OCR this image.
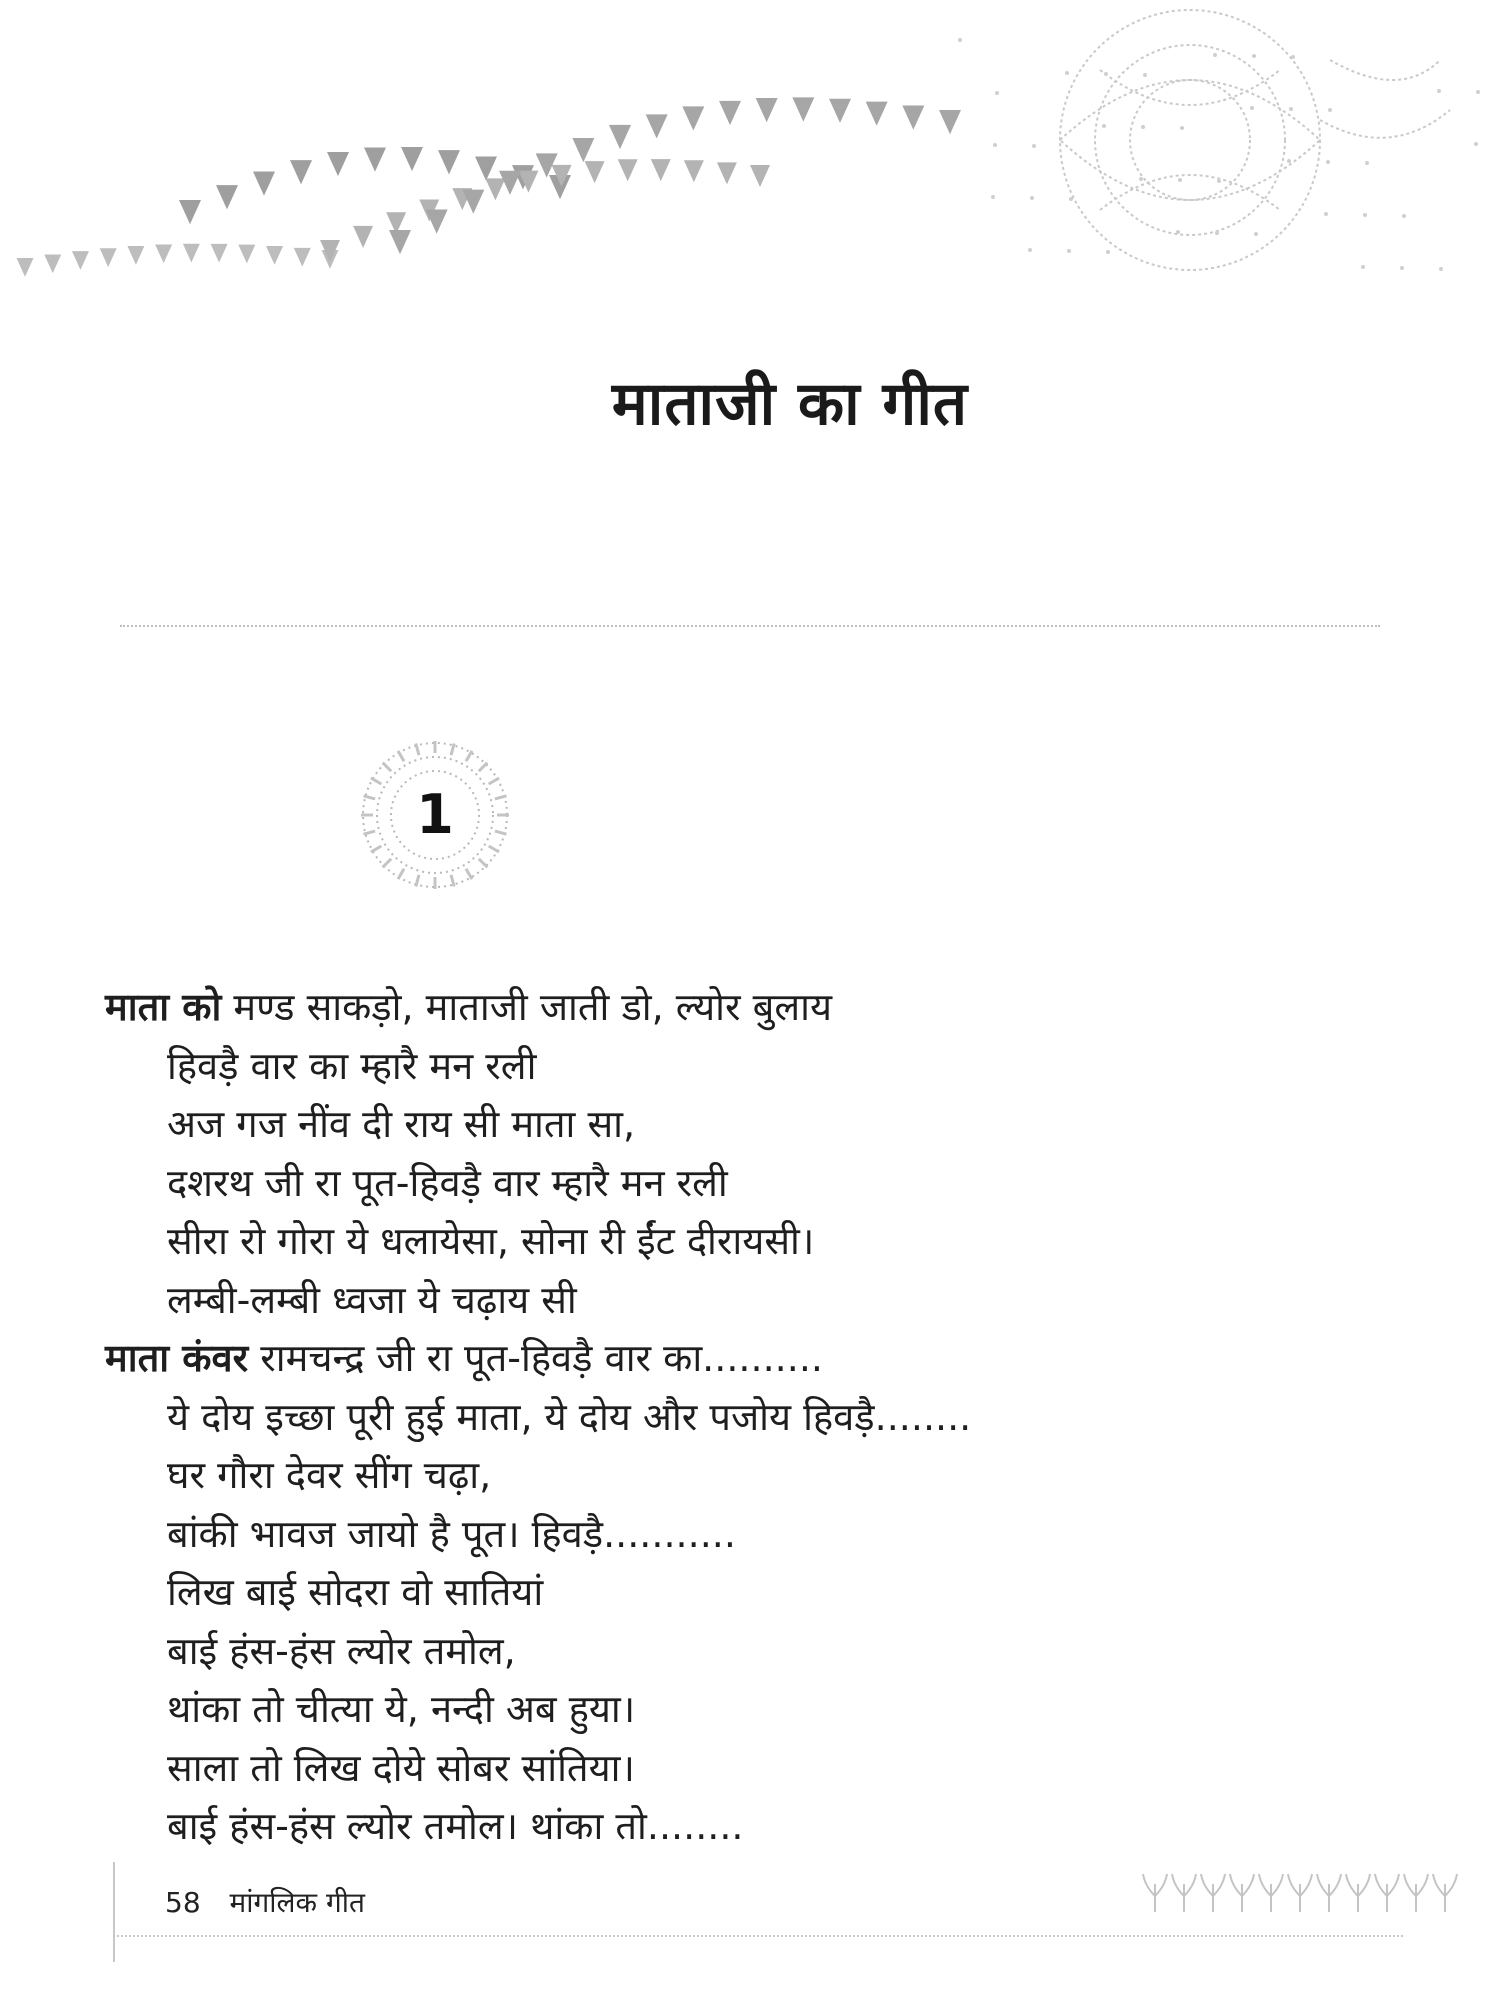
माताजी का गीत
1
माता को मण्ड साकड़ो, माताजी जाती डो, ल्योर बुलाय
हिवड़ै वार का म्हारै मन रली
अज गज नींव दी राय सी माता सा,
दशरथ जी रा पूत-हिवड़ै वार म्हारै मन रली
सीरा रो गोरा ये धलायेसा, सोना री ईंट दीरायसी।
लम्बी-लम्बी ध्वजा ये चढ़ाय सी
माता कंवर रामचन्द्र जी रा पूत-हिवड़ै वार का..........
ये दोय इच्छा पूरी हुई माता, ये दोय और पजोय हिवड़ै........
घर गौरा देवर सींग चढ़ा,
बांकी भावज जायो है पूत। हिवड़ै...........
लिख बाई सोदरा वो सातियां
बाई हंस-हंस ल्योर तमोल,
थांका तो चीत्या ये, नन्दी अब हुया।
साला तो लिख दोये सोबर सांतिया।
बाई हंस-हंस ल्योर तमोल। थांका तो........
58 मांगलिक गीत
